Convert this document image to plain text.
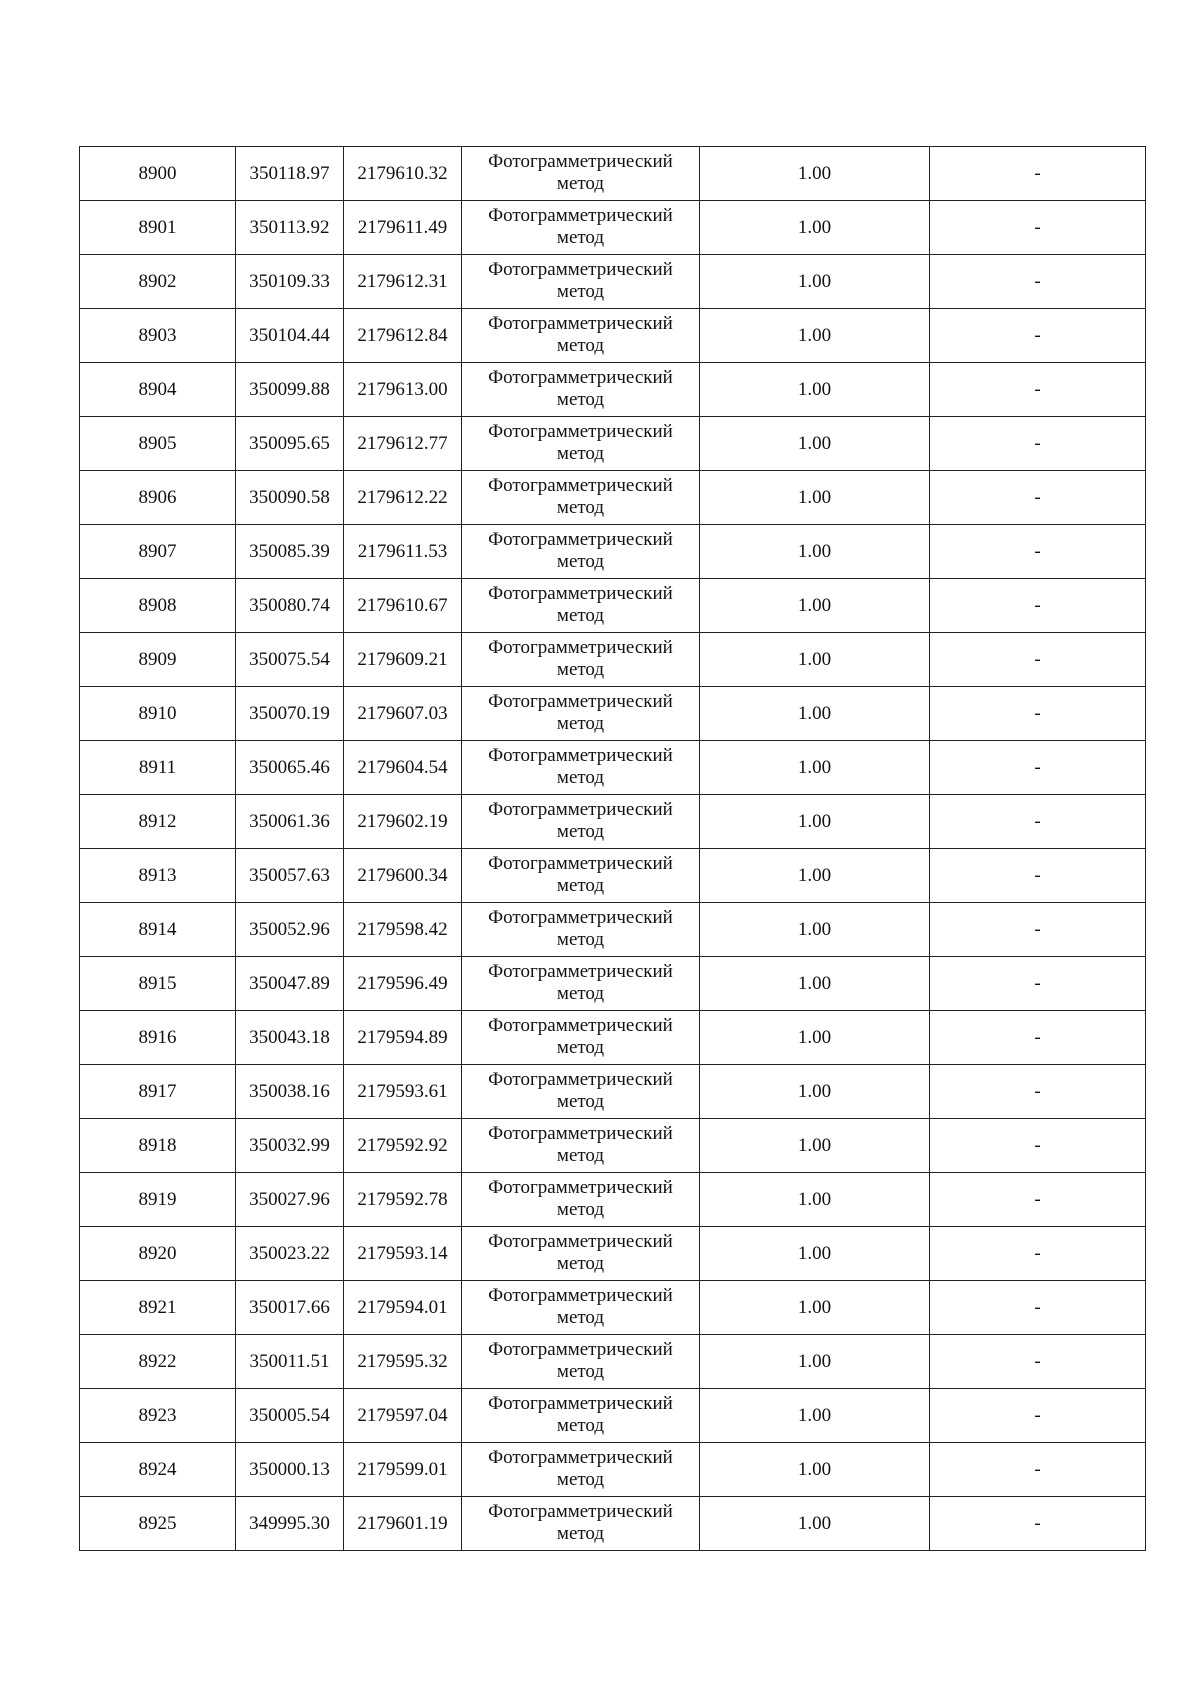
8900	350118.97	2179610.32	Фотограмметрический
метод	1.00	-
8901	350113.92	2179611.49	Фотограмметрический
метод	1.00	-
8902	350109.33	2179612.31	Фотограмметрический
метод	1.00	-
8903	350104.44	2179612.84	Фотограмметрический
метод	1.00	-
8904	350099.88	2179613.00	Фотограмметрический
метод	1.00	-
8905	350095.65	2179612.77	Фотограмметрический
метод	1.00	-
8906	350090.58	2179612.22	Фотограмметрический
метод	1.00	-
8907	350085.39	2179611.53	Фотограмметрический
метод	1.00	-
8908	350080.74	2179610.67	Фотограмметрический
метод	1.00	-
8909	350075.54	2179609.21	Фотограмметрический
метод	1.00	-
8910	350070.19	2179607.03	Фотограмметрический
метод	1.00	-
8911	350065.46	2179604.54	Фотограмметрический
метод	1.00	-
8912	350061.36	2179602.19	Фотограмметрический
метод	1.00	-
8913	350057.63	2179600.34	Фотограмметрический
метод	1.00	-
8914	350052.96	2179598.42	Фотограмметрический
метод	1.00	-
8915	350047.89	2179596.49	Фотограмметрический
метод	1.00	-
8916	350043.18	2179594.89	Фотограмметрический
метод	1.00	-
8917	350038.16	2179593.61	Фотограмметрический
метод	1.00	-
8918	350032.99	2179592.92	Фотограмметрический
метод	1.00	-
8919	350027.96	2179592.78	Фотограмметрический
метод	1.00	-
8920	350023.22	2179593.14	Фотограмметрический
метод	1.00	-
8921	350017.66	2179594.01	Фотограмметрический
метод	1.00	-
8922	350011.51	2179595.32	Фотограмметрический
метод	1.00	-
8923	350005.54	2179597.04	Фотограмметрический
метод	1.00	-
8924	350000.13	2179599.01	Фотограмметрический
метод	1.00	-
8925	349995.30	2179601.19	Фотограмметрический
метод	1.00	-
